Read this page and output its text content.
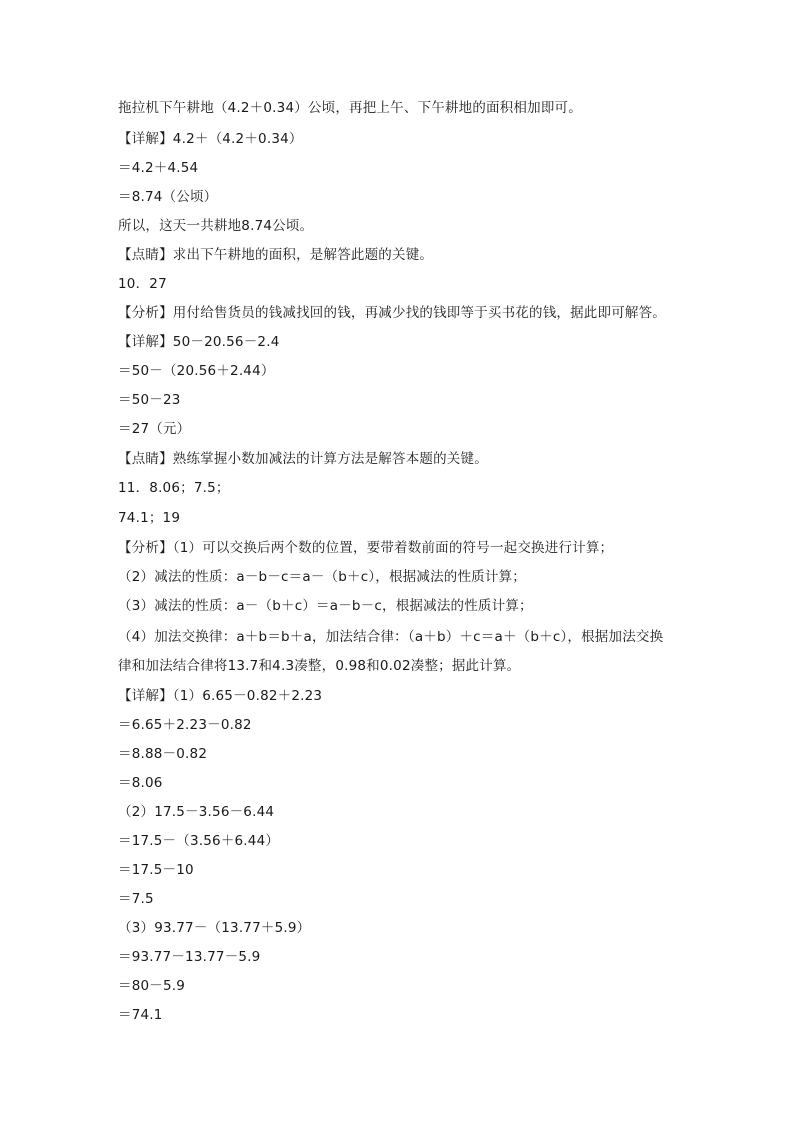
拖拉机下午耕地（4.2＋0.34）公顷，再把上午、下午耕地的面积相加即可。
【详解】4.2＋（4.2＋0.34）
＝4.2＋4.54
＝8.74（公顷）
所以，这天一共耕地8.74公顷。
【点睛】求出下午耕地的面积，是解答此题的关键。
10．27
【分析】用付给售货员的钱减找回的钱，再减少找的钱即等于买书花的钱，据此即可解答。
【详解】50－20.56－2.4
＝50－（20.56＋2.44）
＝50－23
＝27（元）
【点睛】熟练掌握小数加减法的计算方法是解答本题的关键。
11．8.06；7.5；
74.1；19
【分析】（1）可以交换后两个数的位置，要带着数前面的符号一起交换进行计算；
（2）减法的性质：a－b－c＝a－（b＋c），根据减法的性质计算；
（3）减法的性质：a－（b＋c）＝a－b－c，根据减法的性质计算；
（4）加法交换律：a＋b＝b＋a，加法结合律：（a＋b）＋c＝a＋（b＋c），根据加法交换
律和加法结合律将13.7和4.3凑整，0.98和0.02凑整；据此计算。
【详解】（1）6.65－0.82＋2.23
＝6.65＋2.23－0.82
＝8.88－0.82
＝8.06
（2）17.5－3.56－6.44
＝17.5－（3.56＋6.44）
＝17.5－10
＝7.5
（3）93.77－（13.77＋5.9）
＝93.77－13.77－5.9
＝80－5.9
＝74.1
